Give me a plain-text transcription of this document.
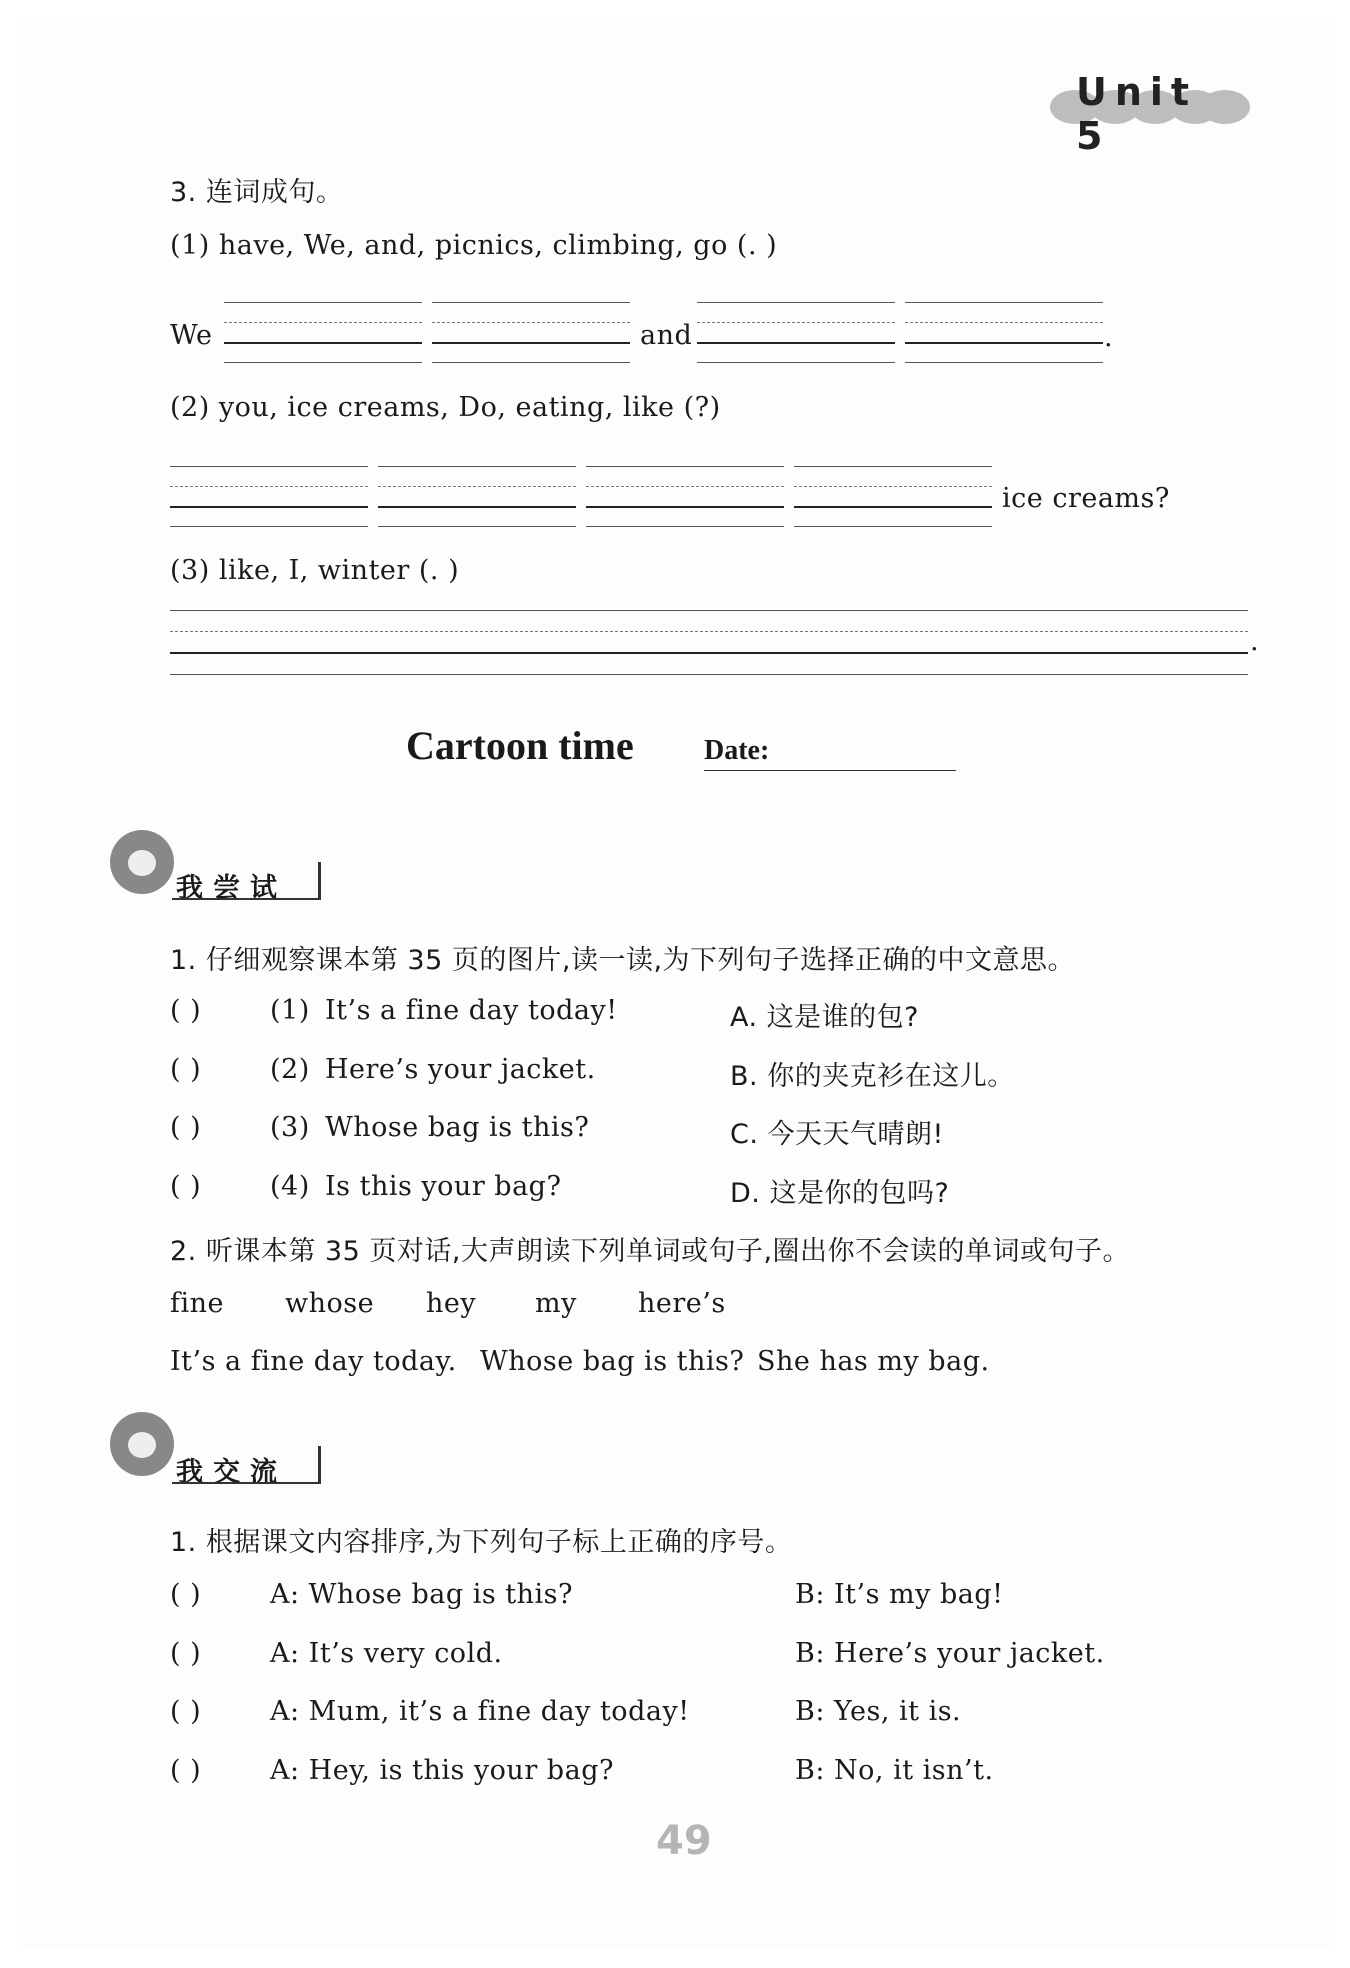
Unit 5
3. 连词成句。
(1) have, We, and, picnics, climbing, go (. )
We	and	.
(2) you, ice creams, Do, eating, like (?)
ice creams?
(3) like, I, winter (. )
.
Cartoon time	Date:
我尝试
1. 仔细观察课本第 35 页的图片,读一读,为下列句子选择正确的中文意思。
( )	(1) It’s a fine day today!	A. 这是谁的包?
( )	(2) Here’s your jacket.	B. 你的夹克衫在这儿。
( )	(3) Whose bag is this?	C. 今天天气晴朗!
( )	(4) Is this your bag?	D. 这是你的包吗?
2. 听课本第 35 页对话,大声朗读下列单词或句子,圈出你不会读的单词或句子。
fine whose hey my here’s
It’s a fine day today. Whose bag is this? She has my bag.
我交流
1. 根据课文内容排序,为下列句子标上正确的序号。
( )	A: Whose bag is this?	B: It’s my bag!
( )	A: It’s very cold.	B: Here’s your jacket.
( )	A: Mum, it’s a fine day today!	B: Yes, it is.
( )	A: Hey, is this your bag?	B: No, it isn’t.
49
